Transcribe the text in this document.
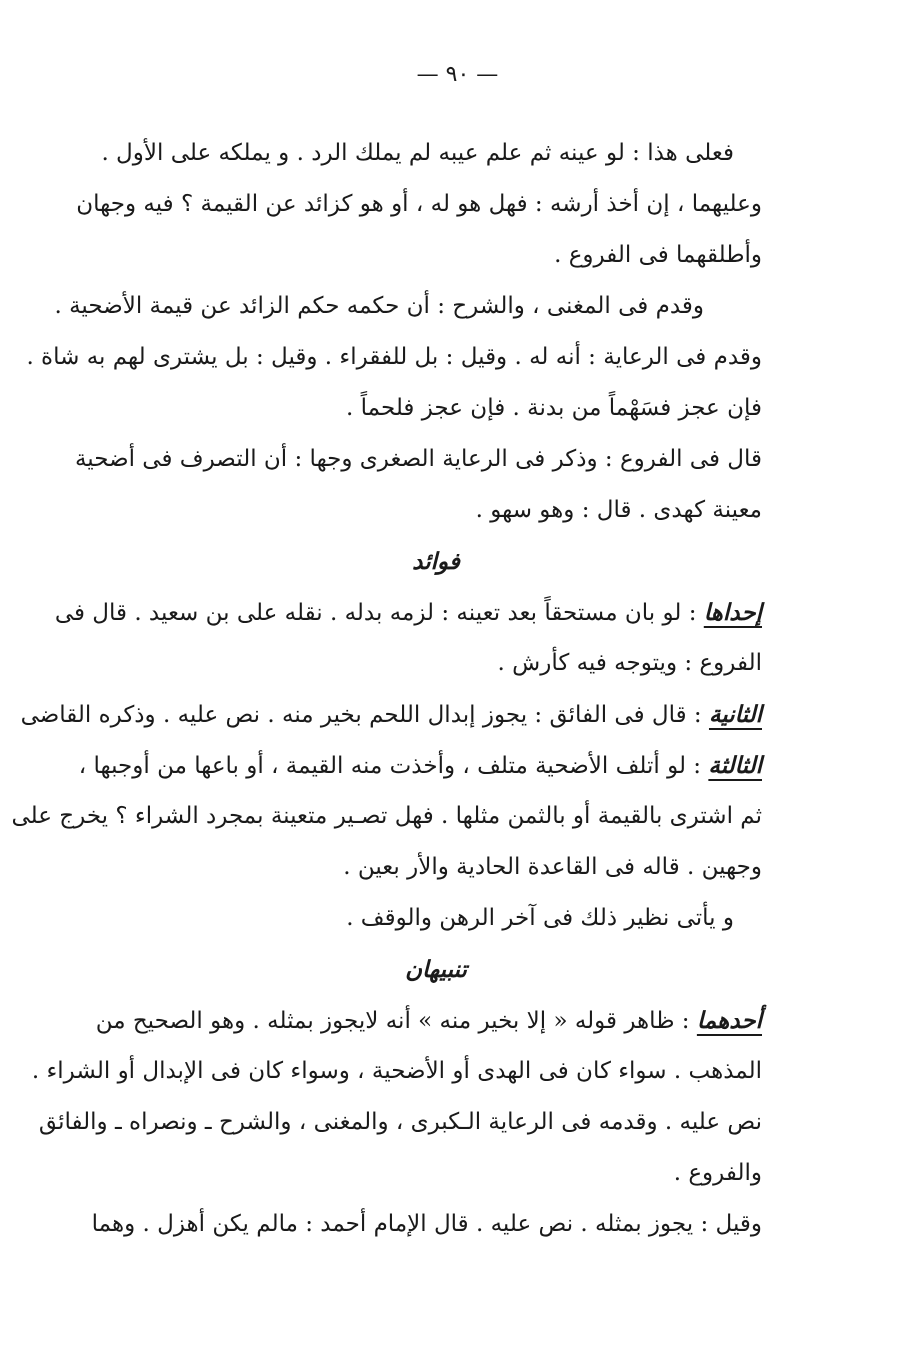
— ٩٠ —
فعلى هذا : لو عينه ثم علم عيبه لم يملك الرد . و يملكه على الأول .
وعليهما ، إن أخذ أرشه : فهل هو له ، أو هو كزائد عن القيمة ؟ فيه وجهان
وأطلقهما فى الفروع .
وقدم فى المغنى ، والشرح : أن حكمه حكم الزائد عن قيمة الأضحية .
وقدم فى الرعاية : أنه له . وقيل : بل للفقراء . وقيل : بل يشترى لهم به شاة .
فإن عجز فسَهْماً من بدنة . فإن عجز فلحماً .
قال فى الفروع : وذكر فى الرعاية الصغرى وجها : أن التصرف فى أضحية
معينة كهدى . قال : وهو سهو .
فوائد
إحداها : لو بان مستحقاً بعد تعينه : لزمه بدله . نقله على بن سعيد . قال فى
الفروع : ويتوجه فيه كأرش .
الثانية : قال فى الفائق : يجوز إبدال اللحم بخير منه . نص عليه . وذكره القاضى
الثالثة : لو أتلف الأضحية متلف ، وأخذت منه القيمة ، أو باعها من أوجبها ،
ثم اشترى بالقيمة أو بالثمن مثلها . فهل تصـير متعينة بمجرد الشراء ؟ يخرج على
وجهين . قاله فى القاعدة الحادية والأر بعين .
و يأتى نظير ذلك فى آخر الرهن والوقف .
تنبيهان
أحدهما : ظاهر قوله « إلا بخير منه » أنه لايجوز بمثله . وهو الصحيح من
المذهب . سواء كان فى الهدى أو الأضحية ، وسواء كان فى الإبدال أو الشراء .
نص عليه . وقدمه فى الرعاية الـكبرى ، والمغنى ، والشرح ـ ونصراه ـ والفائق
والفروع .
وقيل : يجوز بمثله . نص عليه . قال الإمام أحمد : مالم يكن أهزل . وهما
